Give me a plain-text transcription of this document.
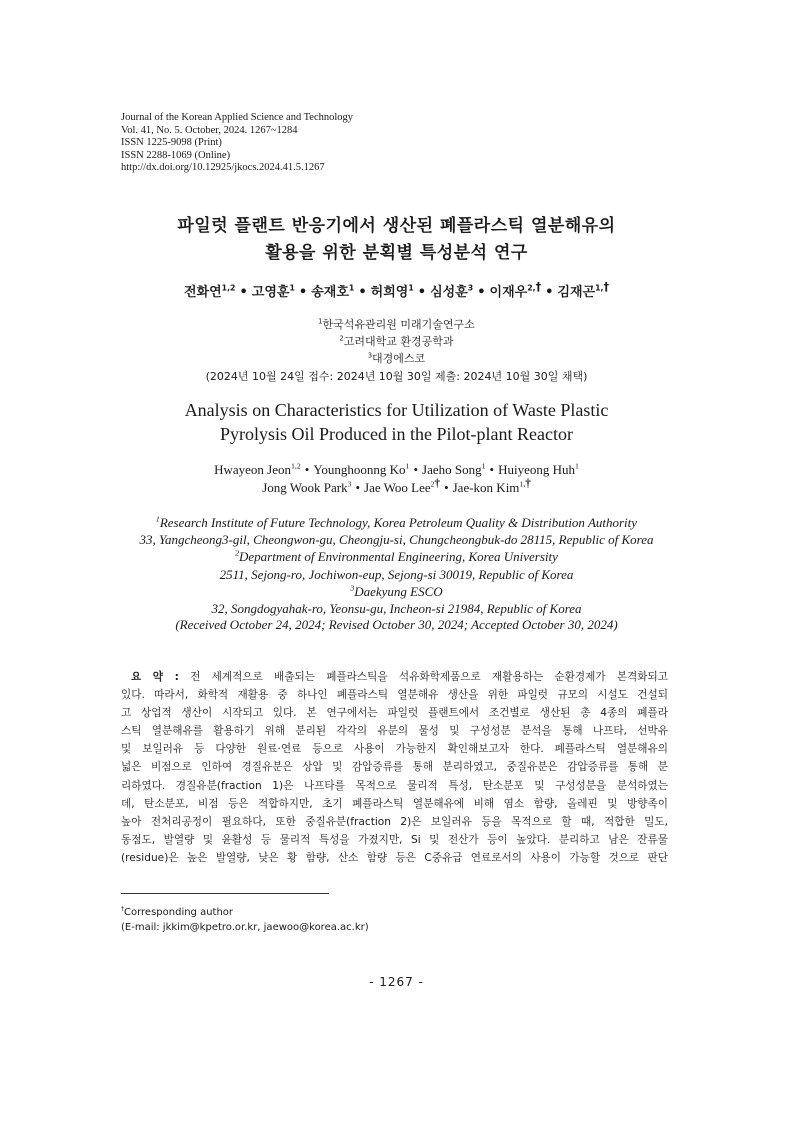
Journal of the Korean Applied Science and Technology
Vol. 41, No. 5. October, 2024. 1267~1284
ISSN 1225-9098 (Print)
ISSN 2288-1069 (Online)
http://dx.doi.org/10.12925/jkocs.2024.41.5.1267
파일럿 플랜트 반응기에서 생산된 폐플라스틱 열분해유의
활용을 위한 분획별 특성분석 연구
전화연$^{1,2}$ • 고영훈$^1$ • 송재호$^1$ • 허희영$^1$ • 심성훈$^3$ • 이재우$^{2,}$† • 김재곤$^{1,}$†
$^1$한국석유관리원 미래기술연구소
$^2$고려대학교 환경공학과
$^3$대경에스코
(2024년 10월 24일 접수: 2024년 10월 30일 제출: 2024년 10월 30일 채택)
Analysis on Characteristics for Utilization of Waste Plastic
Pyrolysis Oil Produced in the Pilot-plant Reactor
Hwayeon Jeon$^{1,2}$ • Younghoonng Ko$^1$ • Jaeho Song$^1$ • Huiyeong Huh$^1$
Jong Wook Park$^3$ • Jae Woo Lee$^2$† • Jae-kon Kim$^{1,}$†
$^1$Research Institute of Future Technology, Korea Petroleum Quality & Distribution Authority
33, Yangcheong3-gil, Cheongwon-gu, Cheongju-si, Chungcheongbuk-do 28115, Republic of Korea
$^2$Department of Environmental Engineering, Korea University
2511, Sejong-ro, Jochiwon-eup, Sejong-si 30019, Republic of Korea
$^3$Daekyung ESCO
32, Songdogyahak-ro, Yeonsu-gu, Incheon-si 21984, Republic of Korea
(Received October 24, 2024; Revised October 30, 2024; Accepted October 30, 2024)
요 약 : 전 세계적으로 배출되는 폐플라스틱을 석유화학제품으로 재활용하는 순환경제가 본격화되고
있다. 따라서, 화학적 재활용 중 하나인 폐플라스틱 열분해유 생산을 위한 파일럿 규모의 시설도 건설되
고 상업적 생산이 시작되고 있다. 본 연구에서는 파일럿 플랜트에서 조건별로 생산된 총 4종의 폐플라
스틱 열분해유를 활용하기 위해 분리된 각각의 유분의 물성 및 구성성분 분석을 통해 나프타, 선박유
및 보일러유 등 다양한 원료·연료 등으로 사용이 가능한지 확인해보고자 한다. 폐플라스틱 열분해유의
넓은 비점으로 인하여 경질유분은 상압 및 감압증류를 통해 분리하였고, 중질유분은 감압증류를 통해 분
리하였다. 경질유분(fraction 1)은 나프타를 목적으로 물리적 특성, 탄소분포 및 구성성분을 분석하였는
데, 탄소분포, 비점 등은 적합하지만, 초기 폐플라스틱 열분해유에 비해 염소 함량, 올레핀 및 방향족이
높아 전처리공정이 필요하다, 또한 중질유분(fraction 2)은 보일러유 등을 목적으로 할 때, 적합한 밀도,
동점도, 발열량 및 윤활성 등 물리적 특성을 가졌지만, Si 및 전산가 등이 높았다. 분리하고 남은 잔류물
(residue)은 높은 발열량, 낮은 황 함량, 산소 함량 등은 C중유급 연료로서의 사용이 가능할 것으로 판단
†Corresponding author
(E-mail: jkkim@kpetro.or.kr, jaewoo@korea.ac.kr)
- 1267 -
